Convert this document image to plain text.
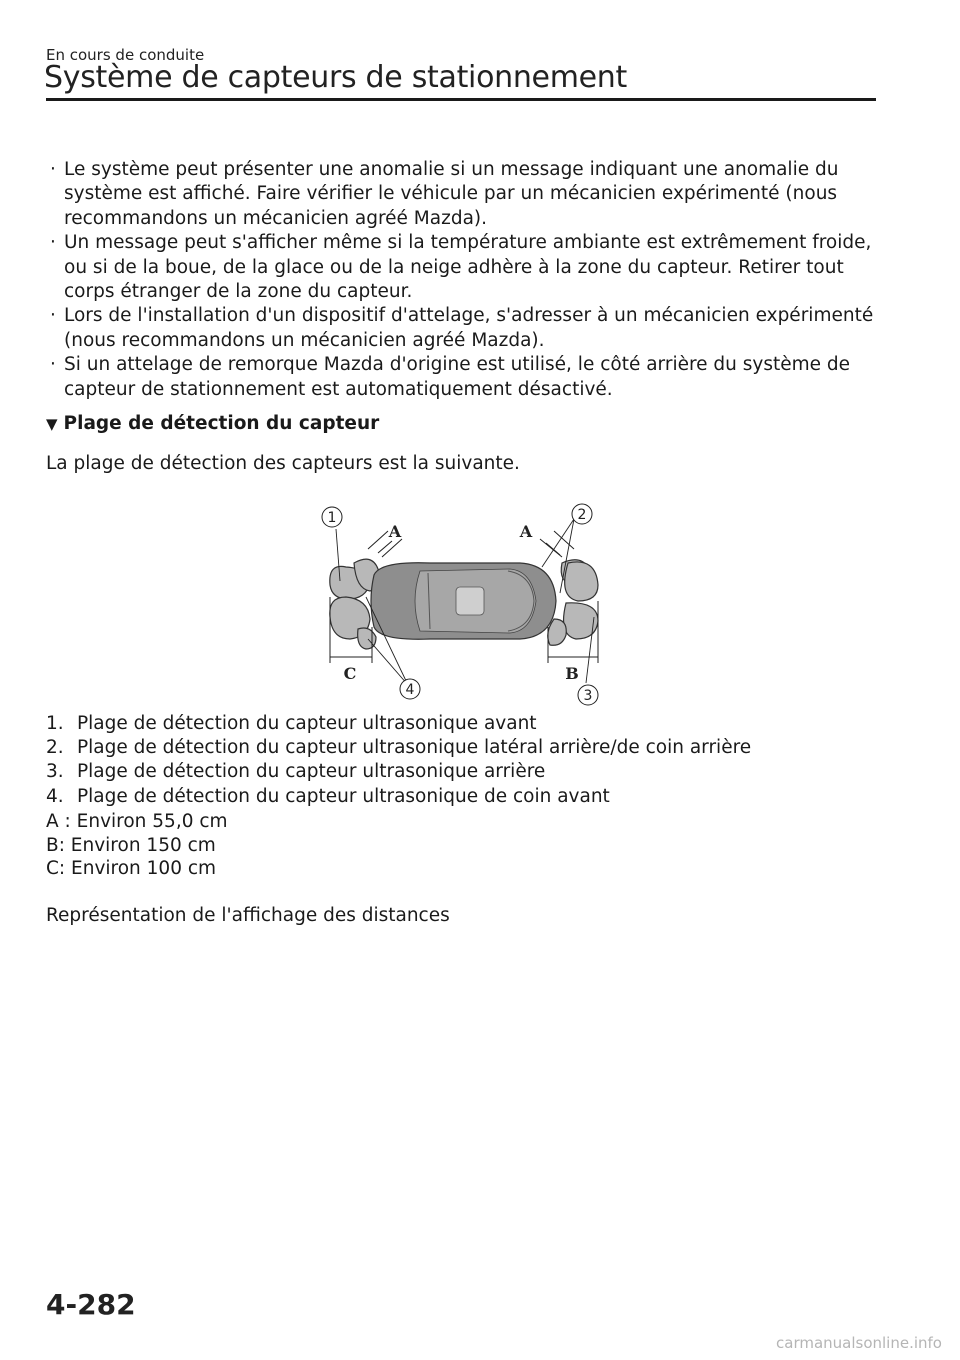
En cours de conduite
Système de capteurs de stationnement
· Le système peut présenter une anomalie si un message indiquant une anomalie du système est affiché. Faire vérifier le véhicule par un mécanicien expérimenté (nous recommandons un mécanicien agréé Mazda).
· Un message peut s'afficher même si la température ambiante est extrêmement froide, ou si de la boue, de la glace ou de la neige adhère à la zone du capteur. Retirer tout corps étranger de la zone du capteur.
· Lors de l'installation d'un dispositif d'attelage, s'adresser à un mécanicien expérimenté (nous recommandons un mécanicien agréé Mazda).
· Si un attelage de remorque Mazda d'origine est utilisé, le côté arrière du système de capteur de stationnement est automatiquement désactivé.
▼ Plage de détection du capteur
La plage de détection des capteurs est la suivante.
1	2
3
4
A	A
C	B
1. Plage de détection du capteur ultrasonique avant
2. Plage de détection du capteur ultrasonique latéral arrière/de coin arrière
3. Plage de détection du capteur ultrasonique arrière
4. Plage de détection du capteur ultrasonique de coin avant
A : Environ 55,0 cm
B: Environ 150 cm
C: Environ 100 cm
Représentation de l'affichage des distances
4-282
carmanualsonline.info
